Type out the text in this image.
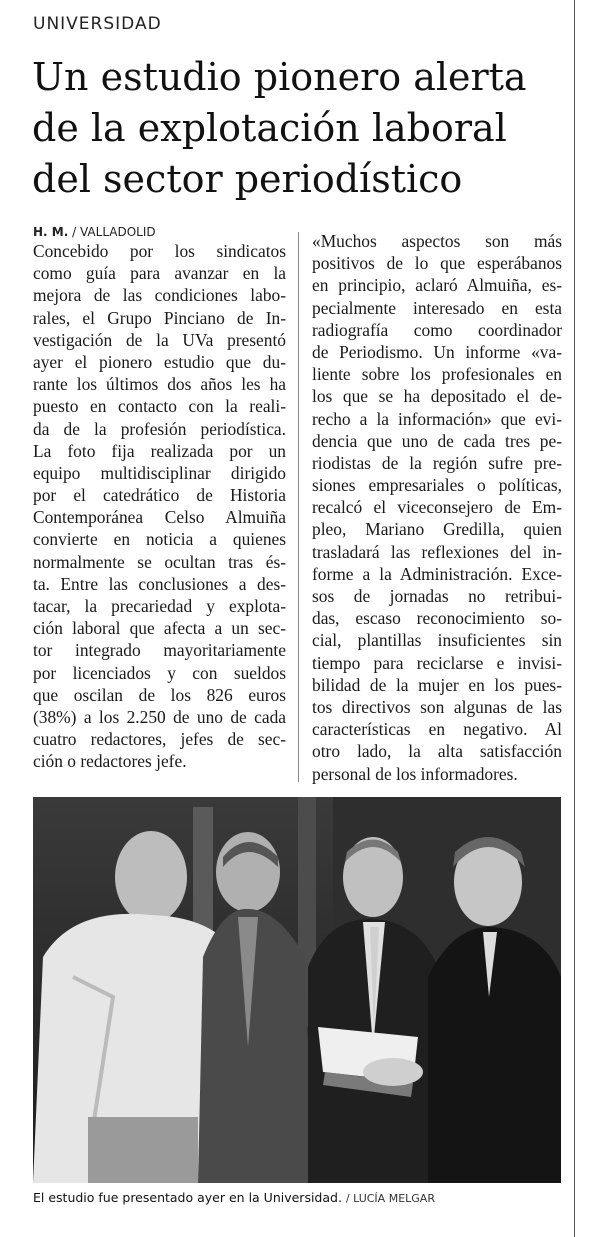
UNIVERSIDAD
Un estudio pionero alerta
de la explotación laboral
del sector periodístico
H. M. / VALLADOLID
Concebido por los sindicatos
como guía para avanzar en la
mejora de las condiciones labo-
rales, el Grupo Pinciano de In-
vestigación de la UVa presentó
ayer el pionero estudio que du-
rante los últimos dos años les ha
puesto en contacto con la reali-
da de la profesión periodística.
La foto fija realizada por un
equipo multidisciplinar dirigido
por el catedrático de Historia
Contemporánea Celso Almuiña
convierte en noticia a quienes
normalmente se ocultan tras és-
ta. Entre las conclusiones a des-
tacar, la precariedad y explota-
ción laboral que afecta a un sec-
tor integrado mayoritariamente
por licenciados y con sueldos
que oscilan de los 826 euros
(38%) a los 2.250 de uno de cada
cuatro redactores, jefes de sec-
ción o redactores jefe.
«Muchos aspectos son más
positivos de lo que esperábanos
en principio, aclaró Almuiña, es-
pecialmente interesado en esta
radiografía como coordinador
de Periodismo. Un informe «va-
liente sobre los profesionales en
los que se ha depositado el de-
recho a la información» que evi-
dencia que uno de cada tres pe-
riodistas de la región sufre pre-
siones empresariales o políticas,
recalcó el viceconsejero de Em-
pleo, Mariano Gredilla, quien
trasladará las reflexiones del in-
forme a la Administración. Exce-
sos de jornadas no retribui-
das, escaso reconocimiento so-
cial, plantillas insuficientes sin
tiempo para reciclarse e invisi-
bilidad de la mujer en los pues-
tos directivos son algunas de las
características en negativo. Al
otro lado, la alta satisfacción
personal de los informadores.
El estudio fue presentado ayer en la Universidad. / LUCÍA MELGAR
